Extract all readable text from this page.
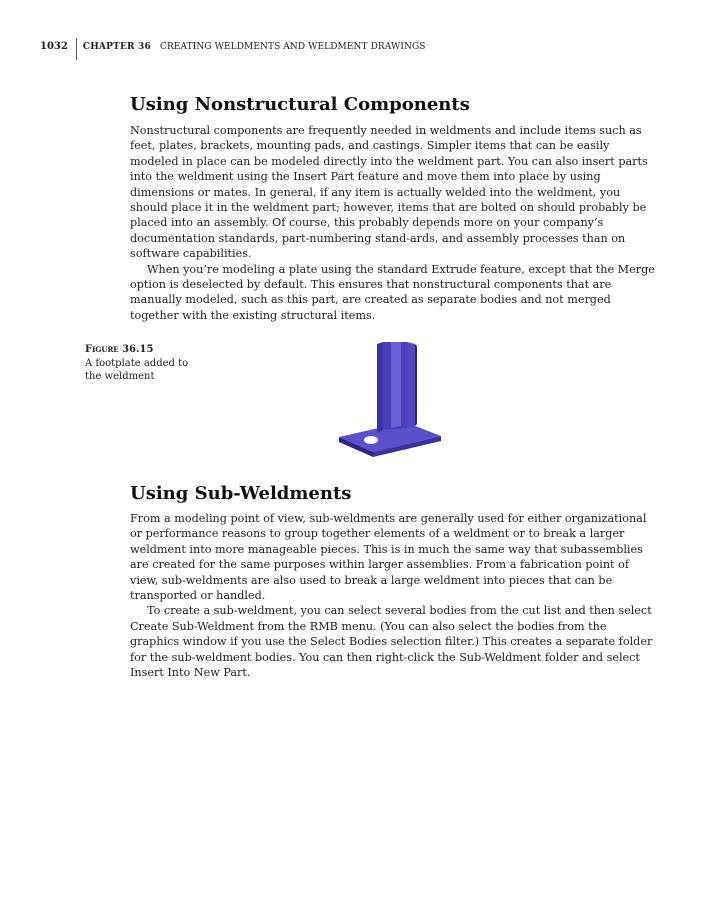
1032	CHAPTER 36	CREATING WELDMENTS AND WELDMENT DRAWINGS
Using Nonstructural Components

Nonstructural components are frequently needed in weldments and include items such as feet, plates, brackets, mounting pads, and castings. Simpler items that can be easily modeled in place can be modeled directly into the weldment part. You can also insert parts into the weldment using the Insert Part feature and move them into place by using dimensions or mates. In general, if any item is actually welded into the weldment, you should place it in the weldment part; however, items that are bolted on should probably be placed into an assembly. Of course, this probably depends more on your company’s documentation standards, part-numbering stand-ards, and assembly processes than on software capabilities.

When you’re modeling a plate using the standard Extrude feature, except that the Merge option is deselected by default. This ensures that nonstructural components that are manually modeled, such as this part, are created as separate bodies and not merged together with the existing structural items.

Figure 36.15
A footplate added to the weldment
Using Sub-Weldments

From a modeling point of view, sub-weldments are generally used for either organizational or performance reasons to group together elements of a weldment or to break a larger weldment into more manageable pieces. This is in much the same way that subassemblies are created for the same purposes within larger assemblies. From a fabrication point of view, sub-weldments are also used to break a large weldment into pieces that can be transported or handled.

To create a sub-weldment, you can select several bodies from the cut list and then select Create Sub-Weldment from the RMB menu. (You can also select the bodies from the graphics window if you use the Select Bodies selection filter.) This creates a separate folder for the sub-weldment bodies. You can then right-click the Sub-Weldment folder and select Insert Into New Part.
